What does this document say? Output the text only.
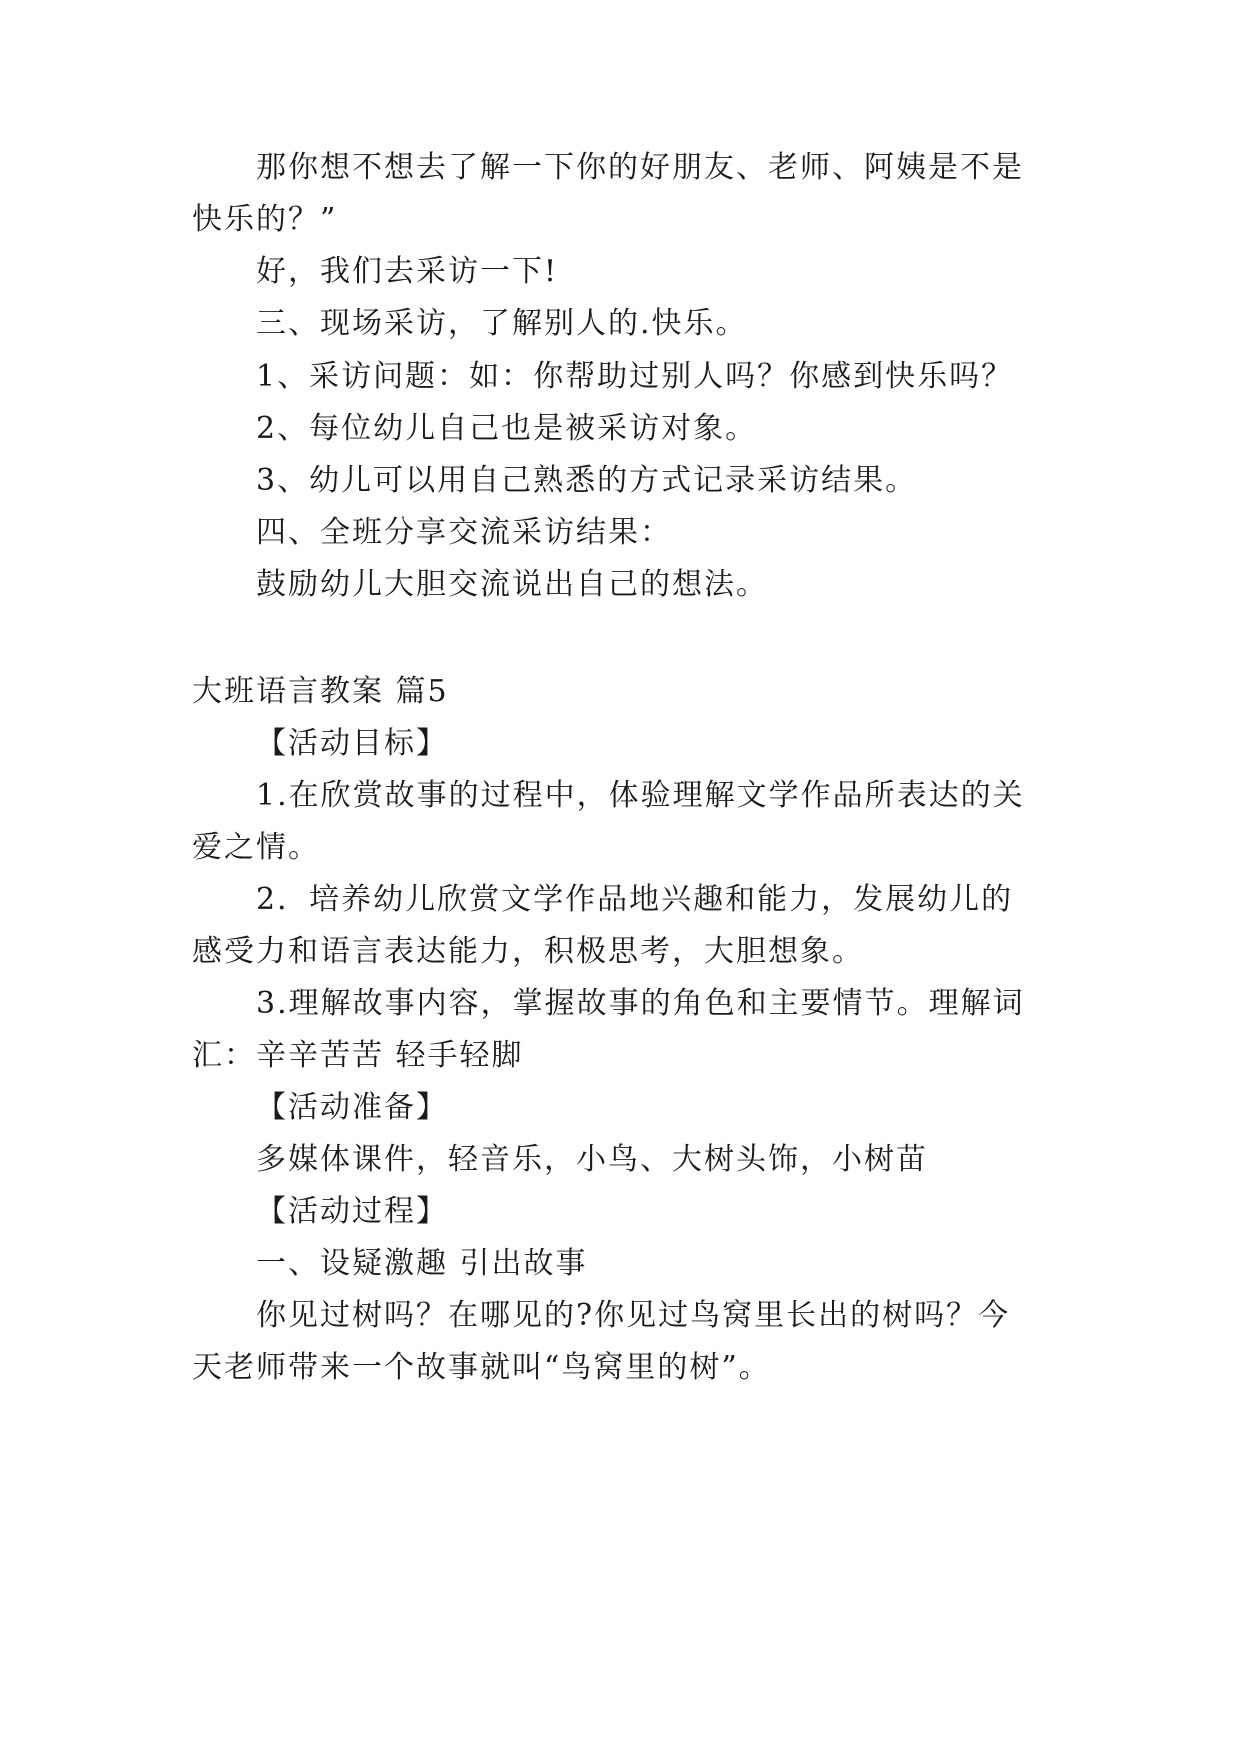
那你想不想去了解一下你的好朋友、老师、阿姨是不是
快乐的？”
好，我们去采访一下!
三、现场采访，了解别人的.快乐。
1、采访问题：如：你帮助过别人吗？你感到快乐吗？
2、每位幼儿自己也是被采访对象。
3、幼儿可以用自己熟悉的方式记录采访结果。
四、全班分享交流采访结果：
鼓励幼儿大胆交流说出自己的想法。
大班语言教案 篇5
【活动目标】
1.在欣赏故事的过程中，体验理解文学作品所表达的关
爱之情。
2．培养幼儿欣赏文学作品地兴趣和能力，发展幼儿的
感受力和语言表达能力，积极思考，大胆想象。
3.理解故事内容，掌握故事的角色和主要情节。理解词
汇：辛辛苦苦 轻手轻脚
【活动准备】
多媒体课件，轻音乐，小鸟、大树头饰，小树苗
【活动过程】
一、设疑激趣 引出故事
你见过树吗？在哪见的?你见过鸟窝里长出的树吗？今
天老师带来一个故事就叫“鸟窝里的树”。
